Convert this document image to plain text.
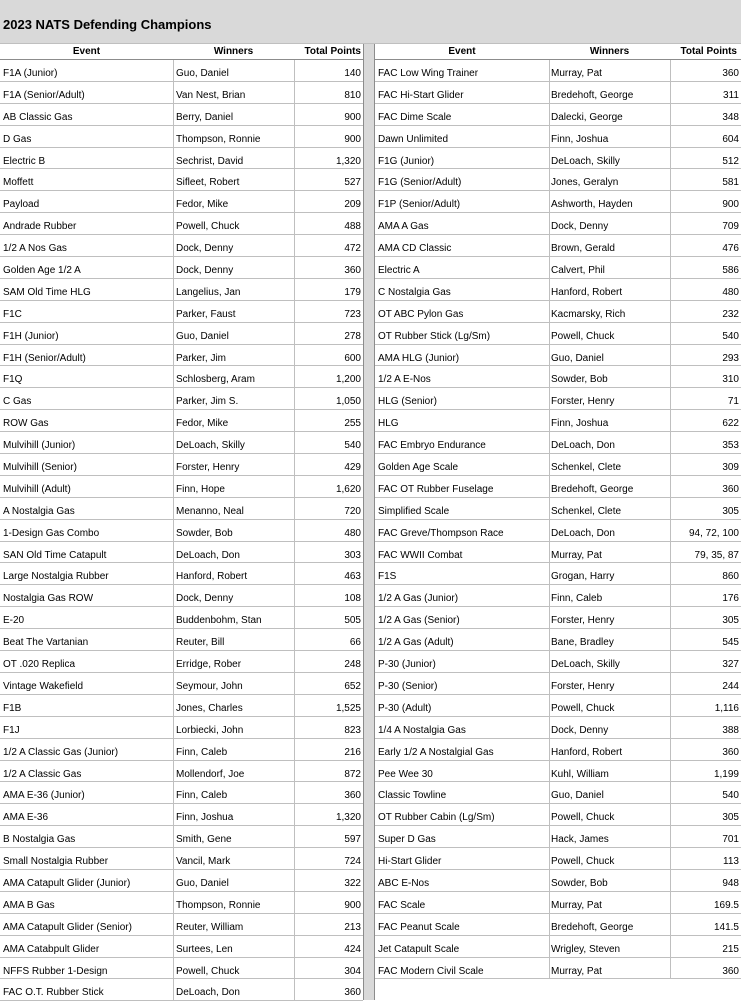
2023 NATS Defending Champions
Event	Winners	Total Points
F1A (Junior)	Guo, Daniel	140
F1A (Senior/Adult)	Van Nest, Brian	810
AB Classic Gas	Berry, Daniel	900
D Gas	Thompson, Ronnie	900
Electric B	Sechrist, David	1,320
Moffett	Sifleet, Robert	527
Payload	Fedor, Mike	209
Andrade Rubber	Powell, Chuck	488
1/2 A Nos Gas	Dock, Denny	472
Golden Age 1/2 A	Dock, Denny	360
SAM Old Time HLG	Langelius, Jan	179
F1C	Parker, Faust	723
F1H (Junior)	Guo, Daniel	278
F1H (Senior/Adult)	Parker, Jim	600
F1Q	Schlosberg, Aram	1,200
C Gas	Parker, Jim S.	1,050
ROW Gas	Fedor, Mike	255
Mulvihill (Junior)	DeLoach, Skilly	540
Mulvihill (Senior)	Forster, Henry	429
Mulvihill (Adult)	Finn, Hope	1,620
A Nostalgia Gas	Menanno, Neal	720
1-Design Gas Combo	Sowder, Bob	480
SAN Old Time Catapult	DeLoach, Don	303
Large Nostalgia Rubber	Hanford, Robert	463
Nostalgia Gas ROW	Dock, Denny	108
E-20	Buddenbohm, Stan	505
Beat The Vartanian	Reuter, Bill	66
OT .020 Replica	Erridge, Rober	248
Vintage Wakefield	Seymour, John	652
F1B	Jones, Charles	1,525
F1J	Lorbiecki, John	823
1/2 A Classic Gas (Junior)	Finn, Caleb	216
1/2 A Classic Gas	Mollendorf, Joe	872
AMA E-36 (Junior)	Finn, Caleb	360
AMA E-36	Finn, Joshua	1,320
B Nostalgia Gas	Smith, Gene	597
Small Nostalgia Rubber	Vancil, Mark	724
AMA Catapult Glider (Junior)	Guo, Daniel	322
AMA B Gas	Thompson, Ronnie	900
AMA Catapult Glider (Senior)	Reuter, William	213
AMA Catabpult Glider	Surtees, Len	424
NFFS Rubber 1-Design	Powell, Chuck	304
FAC O.T. Rubber Stick	DeLoach, Don	360
Event	Winners	Total Points
FAC Low Wing Trainer	Murray, Pat	360
FAC Hi-Start Glider	Bredehoft, George	311
FAC Dime Scale	Dalecki, George	348
Dawn Unlimited	Finn, Joshua	604
F1G (Junior)	DeLoach, Skilly	512
F1G (Senior/Adult)	Jones, Geralyn	581
F1P (Senior/Adult)	Ashworth, Hayden	900
AMA A Gas	Dock, Denny	709
AMA CD Classic	Brown, Gerald	476
Electric A	Calvert, Phil	586
C Nostalgia Gas	Hanford, Robert	480
OT ABC Pylon Gas	Kacmarsky, Rich	232
OT Rubber Stick (Lg/Sm)	Powell, Chuck	540
AMA HLG (Junior)	Guo, Daniel	293
1/2 A E-Nos	Sowder, Bob	310
HLG (Senior)	Forster, Henry	71
HLG	Finn, Joshua	622
FAC Embryo Endurance	DeLoach, Don	353
Golden Age Scale	Schenkel, Clete	309
FAC OT Rubber Fuselage	Bredehoft, George	360
Simplified Scale	Schenkel, Clete	305
FAC Greve/Thompson Race	DeLoach, Don	94, 72, 100
FAC WWII Combat	Murray, Pat	79, 35, 87
F1S	Grogan, Harry	860
1/2 A Gas (Junior)	Finn, Caleb	176
1/2 A Gas (Senior)	Forster, Henry	305
1/2 A Gas (Adult)	Bane, Bradley	545
P-30 (Junior)	DeLoach, Skilly	327
P-30 (Senior)	Forster, Henry	244
P-30 (Adult)	Powell, Chuck	1,116
1/4 A Nostalgia Gas	Dock, Denny	388
Early 1/2 A Nostalgial Gas	Hanford, Robert	360
Pee Wee 30	Kuhl, William	1,199
Classic Towline	Guo, Daniel	540
OT Rubber Cabin (Lg/Sm)	Powell, Chuck	305
Super D Gas	Hack, James	701
Hi-Start Glider	Powell, Chuck	113
ABC E-Nos	Sowder, Bob	948
FAC Scale	Murray, Pat	169.5
FAC Peanut Scale	Bredehoft, George	141.5
Jet Catapult Scale	Wrigley, Steven	215
FAC Modern Civil Scale	Murray, Pat	360
